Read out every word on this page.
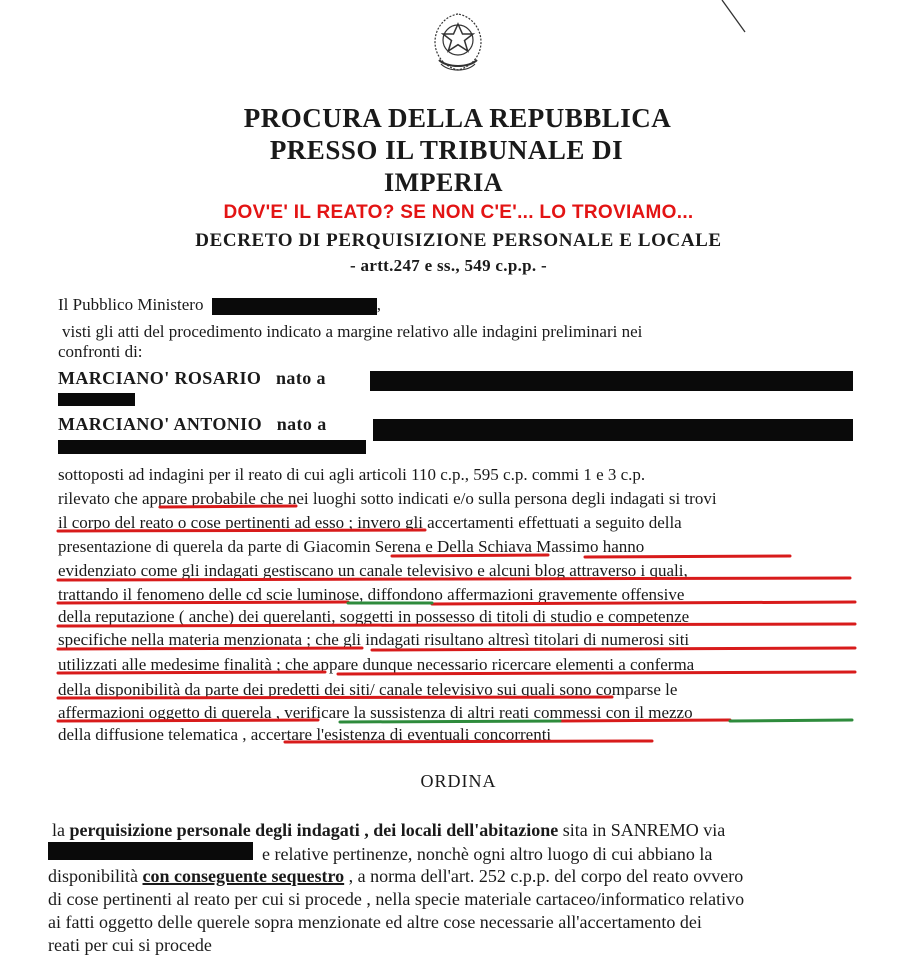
PROCURA DELLA REPUBBLICA
PRESSO IL TRIBUNALE DI
IMPERIA
DOV'E' IL REATO? SE NON C'E'... LO TROVIAMO...
DECRETO DI PERQUISIZIONE PERSONALE E LOCALE
- artt.247 e ss., 549 c.p.p. -
Il Pubblico Ministero	,
visti gli atti del procedimento indicato a margine relativo alle indagini preliminari nei
confronti di:
MARCIANO' ROSARIO nato a
MARCIANO' ANTONIO nato a
sottoposti ad indagini per il reato di cui agli articoli 110 c.p., 595 c.p. commi 1 e 3 c.p.
rilevato che appare probabile che nei luoghi sotto indicati e/o sulla persona degli indagati si trovi
il corpo del reato o cose pertinenti ad esso ; invero gli accertamenti effettuati a seguito della
presentazione di querela da parte di Giacomin Serena e Della Schiava Massimo hanno
evidenziato come gli indagati gestiscano un canale televisivo e alcuni blog attraverso i quali,
trattando il fenomeno delle cd scie luminose, diffondono affermazioni gravemente offensive
della reputazione ( anche) dei querelanti, soggetti in possesso di titoli di studio e competenze
specifiche nella materia menzionata ; che gli indagati risultano altresì titolari di numerosi siti
utilizzati alle medesime finalità ; che appare dunque necessario ricercare elementi a conferma
della disponibilità da parte dei predetti dei siti/ canale televisivo sui quali sono comparse le
affermazioni oggetto di querela , verificare la sussistenza di altri reati commessi con il mezzo
della diffusione telematica , accertare l'esistenza di eventuali concorrenti
ORDINA
la perquisizione personale degli indagati , dei locali dell'abitazione sita in SANREMO via
e relative pertinenze, nonchè ogni altro luogo di cui abbiano la
disponibilità con conseguente sequestro , a norma dell'art. 252 c.p.p. del corpo del reato ovvero
di cose pertinenti al reato per cui si procede , nella specie materiale cartaceo/informatico relativo
ai fatti oggetto delle querele sopra menzionate ed altre cose necessarie all'accertamento dei
reati per cui si procede
